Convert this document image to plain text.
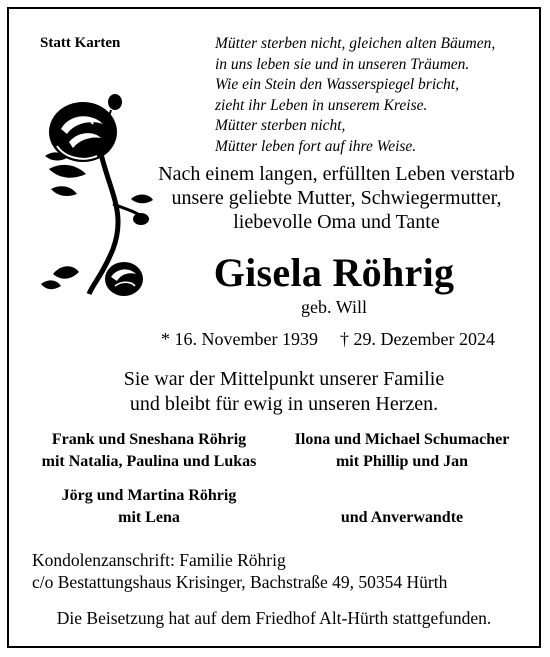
Statt Karten	Mütter sterben nicht, gleichen alten Bäumen,
in uns leben sie und in unseren Träumen.
Wie ein Stein den Wasserspiegel bricht,
zieht ihr Leben in unserem Kreise.
Mütter sterben nicht,
Mütter leben fort auf ihre Weise.
Nach einem langen, erfüllten Leben verstarb
unsere geliebte Mutter, Schwiegermutter,
liebevolle Oma und Tante
Gisela Röhrig
geb. Will
* 16. November 1939 † 29. Dezember 2024
Sie war der Mittelpunkt unserer Familie
und bleibt für ewig in unseren Herzen.
Frank und Sneshana Röhrig
mit Natalia, Paulina und Lukas
Ilona und Michael Schumacher
mit Phillip und Jan
Jörg und Martina Röhrig
mit Lena	und Anverwandte
Kondolenzanschrift: Familie Röhrig
c/o Bestattungshaus Krisinger, Bachstraße 49, 50354 Hürth
Die Beisetzung hat auf dem Friedhof Alt-Hürth stattgefunden.
